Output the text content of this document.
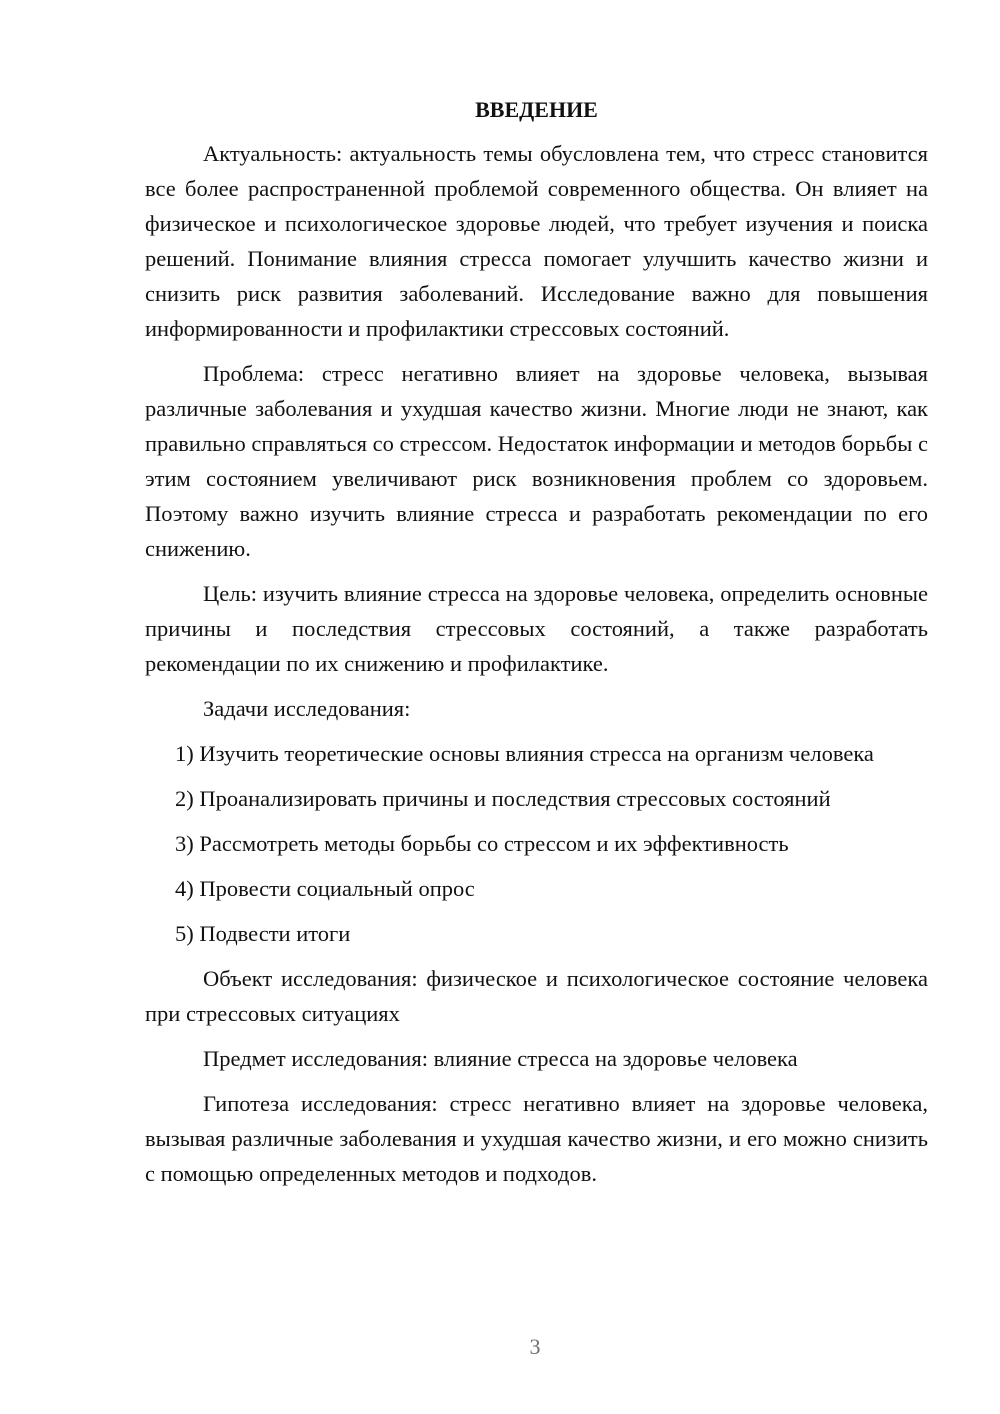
ВВЕДЕНИЕ

Актуальность: актуальность темы обусловлена тем, что стресс становится все более распространенной проблемой современного общества. Он влияет на физическое и психологическое здоровье людей, что требует изучения и поиска решений. Понимание влияния стресса помогает улучшить качество жизни и снизить риск развития заболеваний. Исследование важно для повышения информированности и профилактики стрессовых состояний.

Проблема: стресс негативно влияет на здоровье человека, вызывая различные заболевания и ухудшая качество жизни. Многие люди не знают, как правильно справляться со стрессом. Недостаток информации и методов борьбы с этим состоянием увеличивают риск возникновения проблем со здоровьем. Поэтому важно изучить влияние стресса и разработать рекомендации по его снижению.

Цель: изучить влияние стресса на здоровье человека, определить основные причины и последствия стрессовых состояний, а также разработать рекомендации по их снижению и профилактике.

Задачи исследования:

1) Изучить теоретические основы влияния стресса на организм человека

2) Проанализировать причины и последствия стрессовых состояний

3) Рассмотреть методы борьбы со стрессом и их эффективность

4) Провести социальный опрос

5) Подвести итоги

Объект исследования: физическое и психологическое состояние человека при стрессовых ситуациях

Предмет исследования: влияние стресса на здоровье человека

Гипотеза исследования: стресс негативно влияет на здоровье человека, вызывая различные заболевания и ухудшая качество жизни, и его можно снизить с помощью определенных методов и подходов.

3
